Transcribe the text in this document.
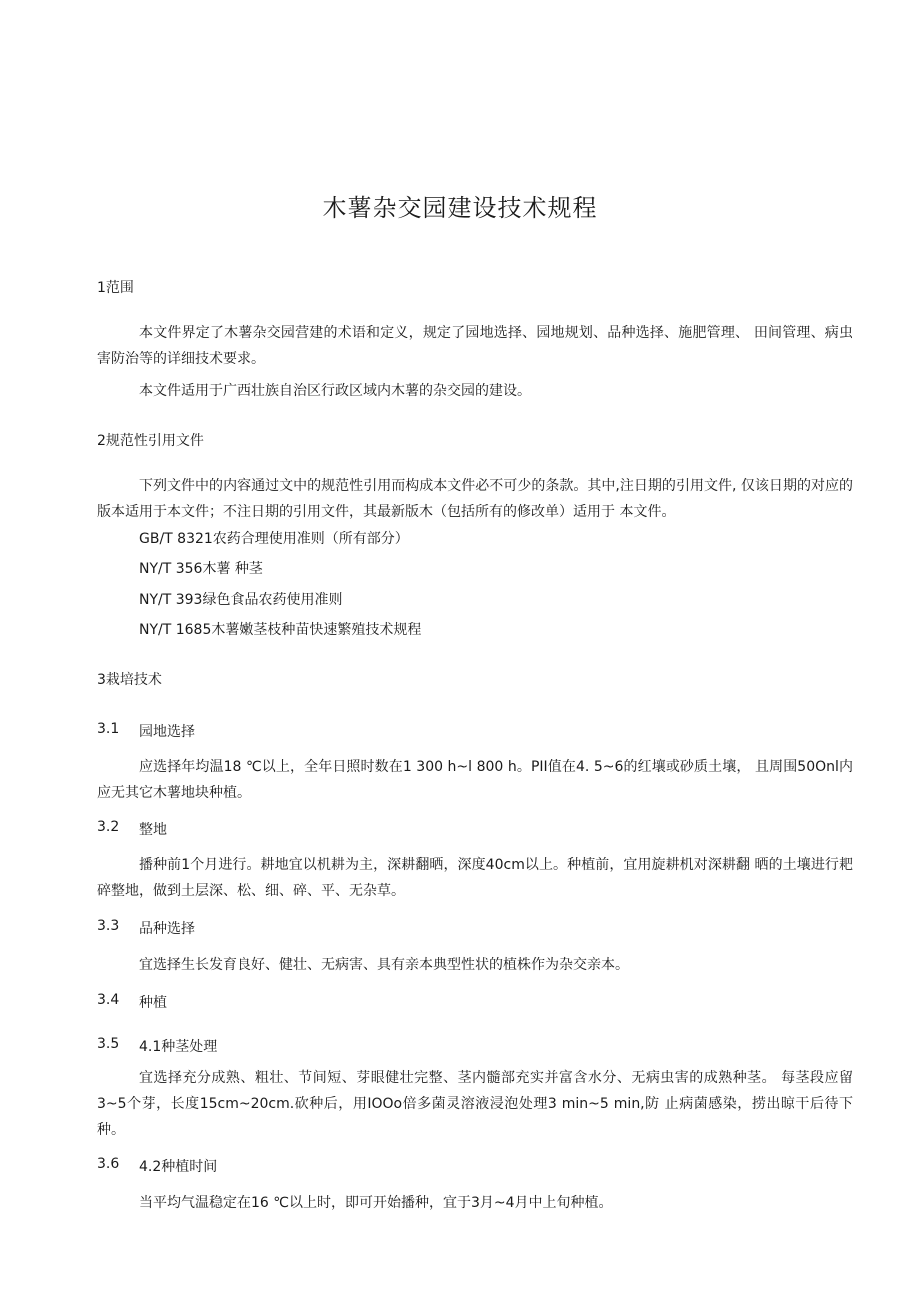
木薯杂交园建设技术规程
1范围
本文件界定了木薯杂交园营建的术语和定义，规定了园地选择、园地规划、品种选择、施肥管理、 田间管理、病虫害防治等的详细技术要求。
本文件适用于广西壮族自治区行政区域内木薯的杂交园的建设。
2规范性引用文件
下列文件中的内容通过文中的规范性引用而构成本文件必不可少的条款。其中,注日期的引用文件, 仅该日期的对应的版本适用于本文件；不注日期的引用文件，其最新版木（包括所有的修改单）适用于 本文件。
GB/T 8321农药合理使用准则（所有部分）
NY/T 356木薯 种茎
NY/T 393绿色食品农药使用准则
NY/T 1685木薯嫩茎枝种苗快速繁殖技术规程
3栽培技术
3.1 园地选择
应选择年均温18 ℃以上，全年日照时数在1 300 h~l 800 h。PII值在4. 5~6的红壤或砂质土壤， 且周围50Onl内应无其它木薯地块种植。
3.2 整地
播种前1个月进行。耕地宜以机耕为主，深耕翻晒，深度40cm以上。种植前，宜用旋耕机对深耕翻 晒的土壤进行耙碎整地，做到土层深、松、细、碎、平、无杂草。
3.3 品种选择
宜选择生长发育良好、健壮、无病害、具有亲本典型性状的植株作为杂交亲本。
3.4 种植
3.5 4.1种茎处理
宜选择充分成熟、粗壮、节间短、芽眼健壮完整、茎内髓部充实并富含水分、无病虫害的成熟种茎。 每茎段应留3~5个芽，长度15cm~20cm.砍种后，用IOOo倍多菌灵溶液浸泡处理3 min~5 min,防 止病菌感染，捞出晾干后待下种。
3.6 4.2种植时间
当平均气温稳定在16 ℃以上时，即可开始播种，宜于3月~4月中上旬种植。
